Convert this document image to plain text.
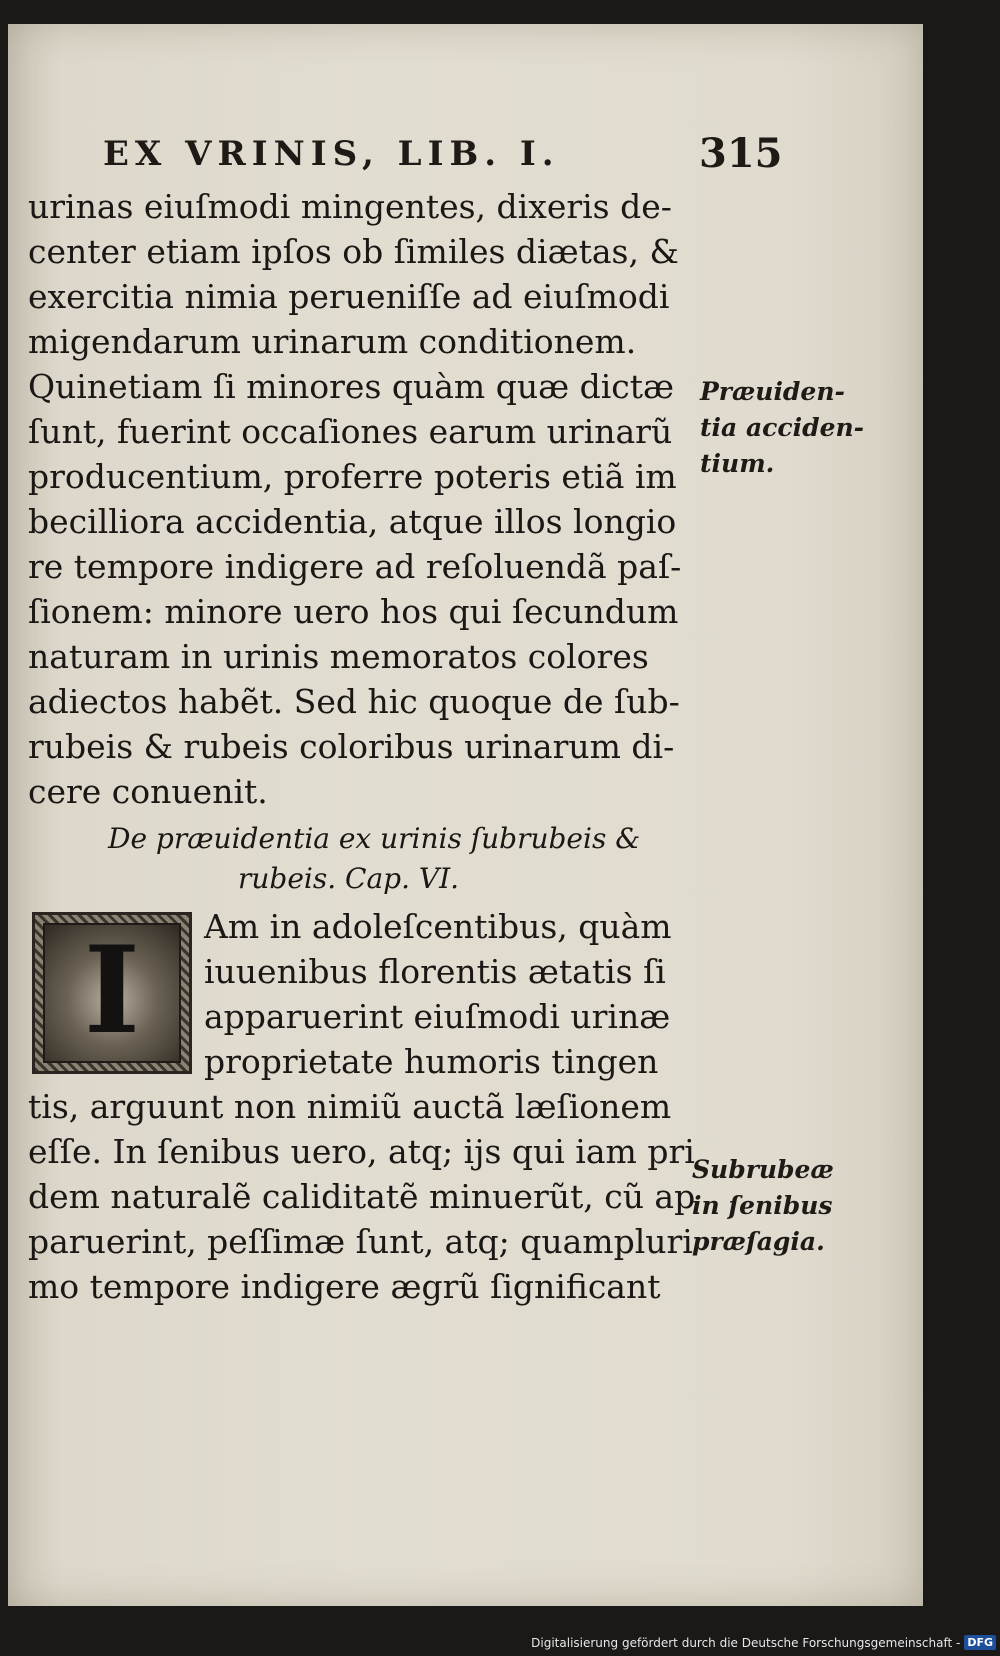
EX VRINIS, LIB. I.	315
urinas eiuſmodi mingentes, dixeris de-
center etiam ipſos ob ſimiles diætas, &
exercitia nimia perueniſſe ad eiuſmodi
migendarum urinarum conditionem.
Quinetiam ſi minores quàm quæ dictæ
ſunt, fuerint occaſiones earum urinarũ
producentium, proferre poteris etiã im
becilliora accidentia, atque illos longio
re tempore indigere ad reſoluendã paſ-
ſionem: minore uero hos qui ſecundum
naturam in urinis memoratos colores
adiectos habẽt. Sed hic quoque de ſub-
rubeis & rubeis coloribus urinarum di-
cere conuenit.
De præuidentia ex urinis ſubrubeis &
rubeis. Cap. VI.
I	Am in adoleſcentibus, quàm
iuuenibus florentis ætatis ſi
apparuerint eiuſmodi urinæ
proprietate humoris tingen
tis, arguunt non nimiũ auctã læſionem
eſſe. In ſenibus uero, atq; ijs qui iam pri
dem naturalẽ caliditatẽ minuerũt, cũ ap
paruerint, peſſimæ ſunt, atq; quampluri
mo tempore indigere ægrũ ſignificant
Præuiden-
tia acciden-
tium.
Subrubeæ
in ſenibus
præſagia.
Digitalisierung gefördert durch die Deutsche Forschungsgemeinschaft - DFG
